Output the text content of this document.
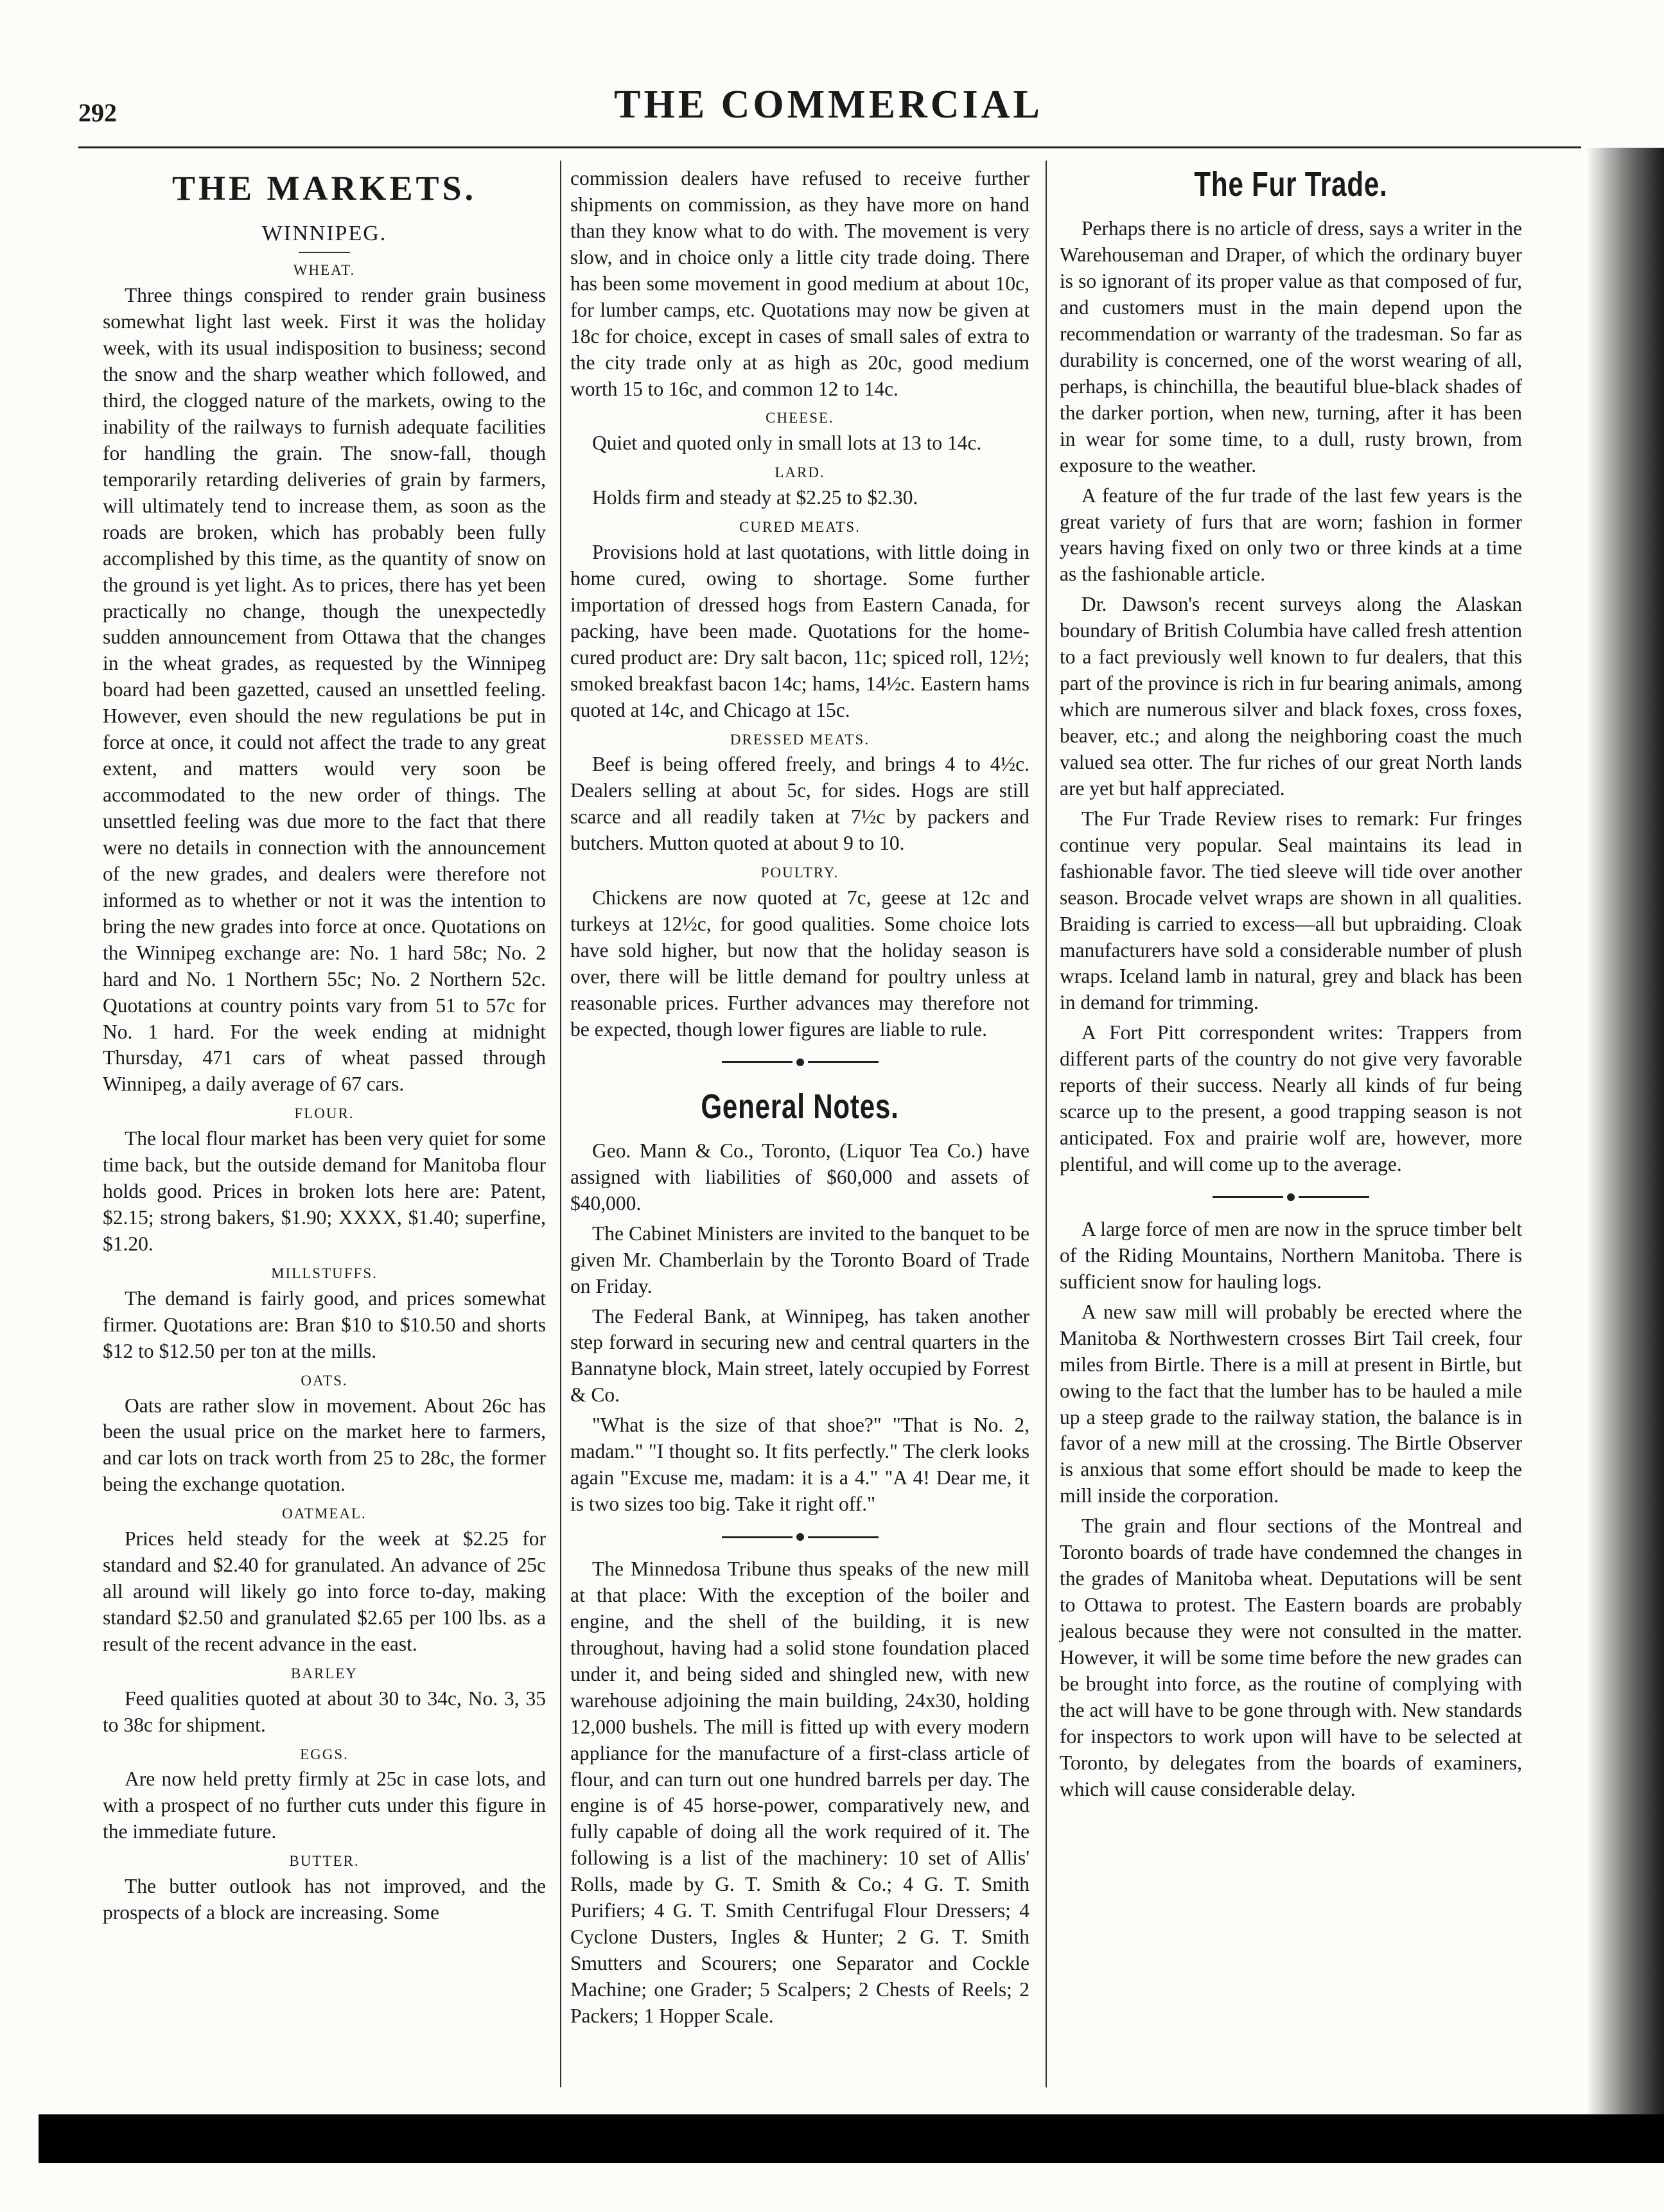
292	THE COMMERCIAL
THE MARKETS.
WINNIPEG.
WHEAT.

Three things conspired to render grain business somewhat light last week. First it was the holiday week, with its usual indisposition to business; second the snow and the sharp weather which followed, and third, the clogged nature of the markets, owing to the inability of the railways to furnish adequate facilities for handling the grain. The snow-fall, though temporarily retarding deliveries of grain by farmers, will ultimately tend to increase them, as soon as the roads are broken, which has probably been fully accomplished by this time, as the quantity of snow on the ground is yet light. As to prices, there has yet been practically no change, though the unexpectedly sudden announcement from Ottawa that the changes in the wheat grades, as requested by the Winnipeg board had been gazetted, caused an unsettled feeling. However, even should the new regulations be put in force at once, it could not affect the trade to any great extent, and matters would very soon be accommodated to the new order of things. The unsettled feeling was due more to the fact that there were no details in connection with the announcement of the new grades, and dealers were therefore not informed as to whether or not it was the intention to bring the new grades into force at once. Quotations on the Winnipeg exchange are: No. 1 hard 58c; No. 2 hard and No. 1 Northern 55c; No. 2 Northern 52c. Quotations at country points vary from 51 to 57c for No. 1 hard. For the week ending at midnight Thursday, 471 cars of wheat passed through Winnipeg, a daily average of 67 cars.

FLOUR.

The local flour market has been very quiet for some time back, but the outside demand for Manitoba flour holds good. Prices in broken lots here are: Patent, $2.15; strong bakers, $1.90; XXXX, $1.40; superfine, $1.20.

MILLSTUFFS.

The demand is fairly good, and prices somewhat firmer. Quotations are: Bran $10 to $10.50 and shorts $12 to $12.50 per ton at the mills.

OATS.

Oats are rather slow in movement. About 26c has been the usual price on the market here to farmers, and car lots on track worth from 25 to 28c, the former being the exchange quotation.

OATMEAL.

Prices held steady for the week at $2.25 for standard and $2.40 for granulated. An advance of 25c all around will likely go into force to-day, making standard $2.50 and granulated $2.65 per 100 lbs. as a result of the recent advance in the east.

BARLEY

Feed qualities quoted at about 30 to 34c, No. 3, 35 to 38c for shipment.

EGGS.

Are now held pretty firmly at 25c in case lots, and with a prospect of no further cuts under this figure in the immediate future.

BUTTER.

The butter outlook has not improved, and the prospects of a block are increasing. Some

commission dealers have refused to receive further shipments on commission, as they have more on hand than they know what to do with. The movement is very slow, and in choice only a little city trade doing. There has been some movement in good medium at about 10c, for lumber camps, etc. Quotations may now be given at 18c for choice, except in cases of small sales of extra to the city trade only at as high as 20c, good medium worth 15 to 16c, and common 12 to 14c.

CHEESE.

Quiet and quoted only in small lots at 13 to 14c.

LARD.

Holds firm and steady at $2.25 to $2.30.

CURED MEATS.

Provisions hold at last quotations, with little doing in home cured, owing to shortage. Some further importation of dressed hogs from Eastern Canada, for packing, have been made. Quotations for the home-cured product are: Dry salt bacon, 11c; spiced roll, 12½; smoked breakfast bacon 14c; hams, 14½c. Eastern hams quoted at 14c, and Chicago at 15c.

DRESSED MEATS.

Beef is being offered freely, and brings 4 to 4½c. Dealers selling at about 5c, for sides. Hogs are still scarce and all readily taken at 7½c by packers and butchers. Mutton quoted at about 9 to 10.

POULTRY.

Chickens are now quoted at 7c, geese at 12c and turkeys at 12½c, for good qualities. Some choice lots have sold higher, but now that the holiday season is over, there will be little demand for poultry unless at reasonable prices. Further advances may therefore not be expected, though lower figures are liable to rule.

General Notes.

Geo. Mann & Co., Toronto, (Liquor Tea Co.) have assigned with liabilities of $60,000 and assets of $40,000.

The Cabinet Ministers are invited to the banquet to be given Mr. Chamberlain by the Toronto Board of Trade on Friday.

The Federal Bank, at Winnipeg, has taken another step forward in securing new and central quarters in the Bannatyne block, Main street, lately occupied by Forrest & Co.

"What is the size of that shoe?" "That is No. 2, madam." "I thought so. It fits perfectly." The clerk looks again "Excuse me, madam: it is a 4." "A 4! Dear me, it is two sizes too big. Take it right off."

The Minnedosa Tribune thus speaks of the new mill at that place: With the exception of the boiler and engine, and the shell of the building, it is new throughout, having had a solid stone foundation placed under it, and being sided and shingled new, with new warehouse adjoining the main building, 24x30, holding 12,000 bushels. The mill is fitted up with every modern appliance for the manufacture of a first-class article of flour, and can turn out one hundred barrels per day. The engine is of 45 horse-power, comparatively new, and fully capable of doing all the work required of it. The following is a list of the machinery: 10 set of Allis' Rolls, made by G. T. Smith & Co.; 4 G. T. Smith Purifiers; 4 G. T. Smith Centrifugal Flour Dressers; 4 Cyclone Dusters, Ingles & Hunter; 2 G. T. Smith Smutters and Scourers; one Separator and Cockle Machine; one Grader; 5 Scalpers; 2 Chests of Reels; 2 Packers; 1 Hopper Scale.

The Fur Trade.

Perhaps there is no article of dress, says a writer in the Warehouseman and Draper, of which the ordinary buyer is so ignorant of its proper value as that composed of fur, and customers must in the main depend upon the recommendation or warranty of the tradesman. So far as durability is concerned, one of the worst wearing of all, perhaps, is chinchilla, the beautiful blue-black shades of the darker portion, when new, turning, after it has been in wear for some time, to a dull, rusty brown, from exposure to the weather.

A feature of the fur trade of the last few years is the great variety of furs that are worn; fashion in former years having fixed on only two or three kinds at a time as the fashionable article.

Dr. Dawson's recent surveys along the Alaskan boundary of British Columbia have called fresh attention to a fact previously well known to fur dealers, that this part of the province is rich in fur bearing animals, among which are numerous silver and black foxes, cross foxes, beaver, etc.; and along the neighboring coast the much valued sea otter. The fur riches of our great North lands are yet but half appreciated.

The Fur Trade Review rises to remark: Fur fringes continue very popular. Seal maintains its lead in fashionable favor. The tied sleeve will tide over another season. Brocade velvet wraps are shown in all qualities. Braiding is carried to excess—all but upbraiding. Cloak manufacturers have sold a considerable number of plush wraps. Iceland lamb in natural, grey and black has been in demand for trimming.

A Fort Pitt correspondent writes: Trappers from different parts of the country do not give very favorable reports of their success. Nearly all kinds of fur being scarce up to the present, a good trapping season is not anticipated. Fox and prairie wolf are, however, more plentiful, and will come up to the average.

A large force of men are now in the spruce timber belt of the Riding Mountains, Northern Manitoba. There is sufficient snow for hauling logs.

A new saw mill will probably be erected where the Manitoba & Northwestern crosses Birt Tail creek, four miles from Birtle. There is a mill at present in Birtle, but owing to the fact that the lumber has to be hauled a mile up a steep grade to the railway station, the balance is in favor of a new mill at the crossing. The Birtle Observer is anxious that some effort should be made to keep the mill inside the corporation.

The grain and flour sections of the Montreal and Toronto boards of trade have condemned the changes in the grades of Manitoba wheat. Deputations will be sent to Ottawa to protest. The Eastern boards are probably jealous because they were not consulted in the matter. However, it will be some time before the new grades can be brought into force, as the routine of complying with the act will have to be gone through with. New standards for inspectors to work upon will have to be selected at Toronto, by delegates from the boards of examiners, which will cause considerable delay.
